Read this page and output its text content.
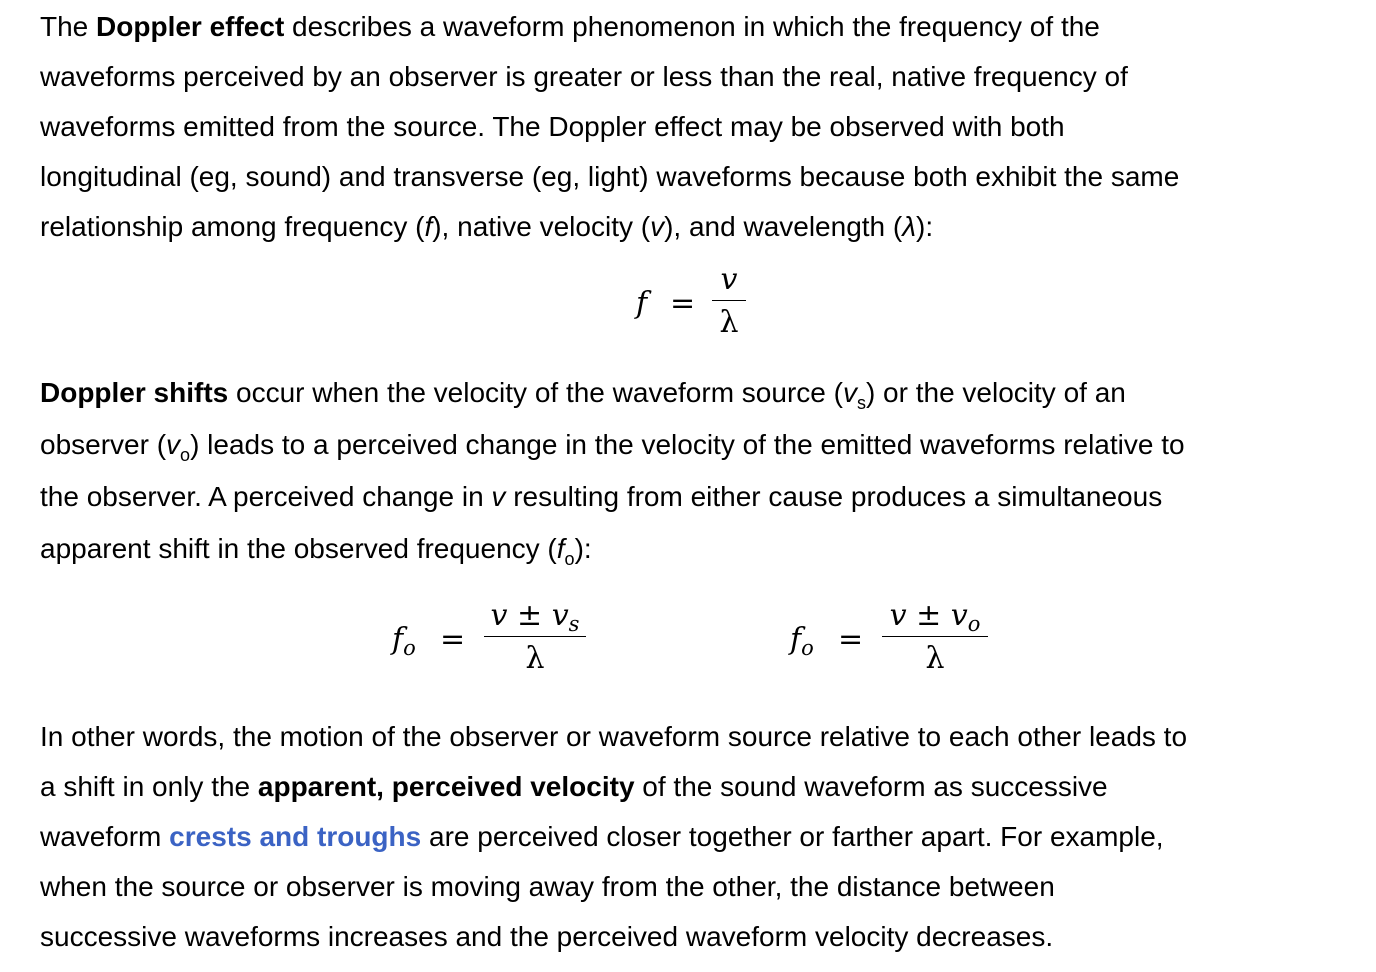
The Doppler effect describes a waveform phenomenon in which the frequency of the
waveforms perceived by an observer is greater or less than the real, native frequency of
waveforms emitted from the source. The Doppler effect may be observed with both
longitudinal (eg, sound) and transverse (eg, light) waveforms because both exhibit the same
relationship among frequency (f), native velocity (v), and wavelength (λ):
f =
v
λ
Doppler shifts occur when the velocity of the waveform source $(v_s)$ or the velocity of an
observer $(v_o)$ leads to a perceived change in the velocity of the emitted waveforms relative to
the observer. A perceived change in v resulting from either cause produces a simultaneous
apparent shift in the observed frequency $(f_o)$:
$f_o$ =
$v \pm v_s$
λ
$f_o$ =
$v \pm v_o$
λ
In other words, the motion of the observer or waveform source relative to each other leads to
a shift in only the apparent, perceived velocity of the sound waveform as successive
waveform crests and troughs are perceived closer together or farther apart. For example,
when the source or observer is moving away from the other, the distance between
successive waveforms increases and the perceived waveform velocity decreases.
